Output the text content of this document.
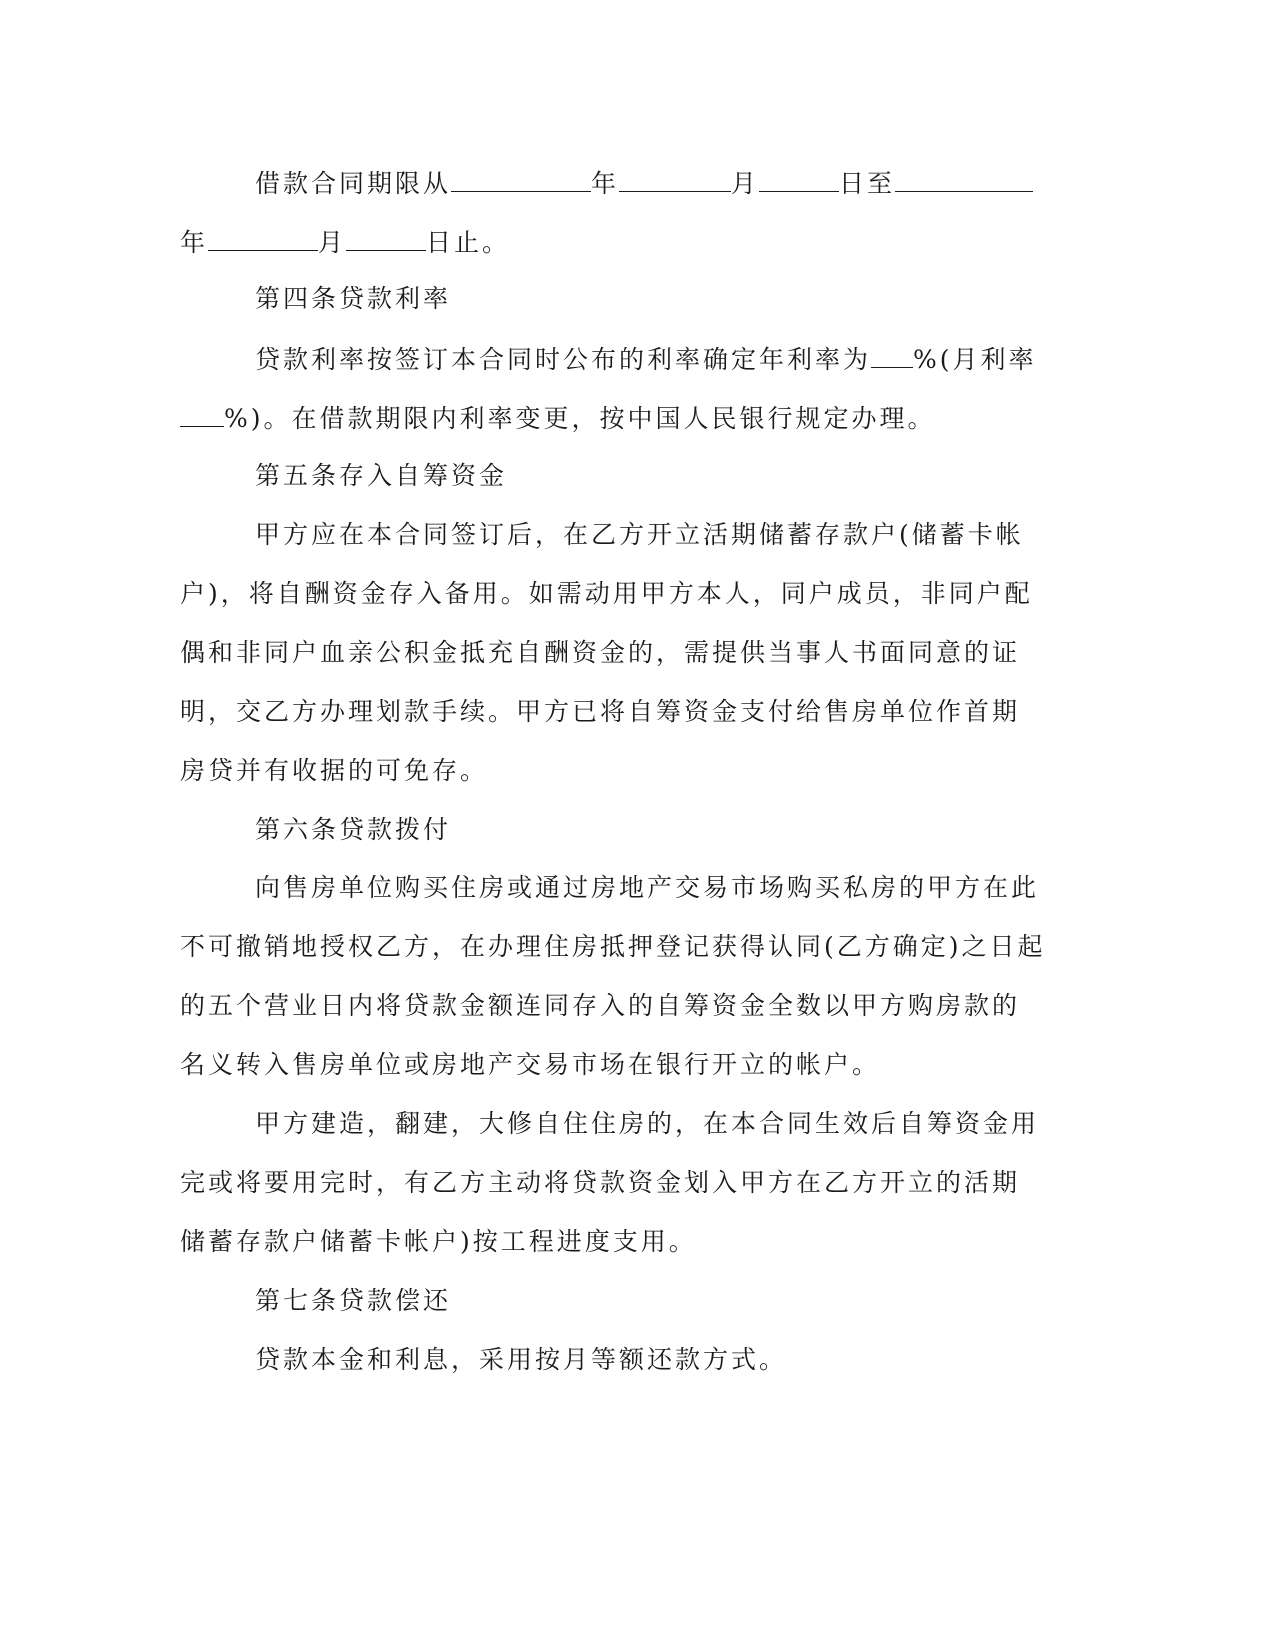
借款合同期限从	年	月	日至
年	月	日止。
第四条贷款利率
贷款利率按签订本合同时公布的利率确定年利率为 %(月利率
%)。在借款期限内利率变更，按中国人民银行规定办理。
第五条存入自筹资金
甲方应在本合同签订后，在乙方开立活期储蓄存款户(储蓄卡帐
户)，将自酬资金存入备用。如需动用甲方本人，同户成员，非同户配
偶和非同户血亲公积金抵充自酬资金的，需提供当事人书面同意的证
明，交乙方办理划款手续。甲方已将自筹资金支付给售房单位作首期
房贷并有收据的可免存。
第六条贷款拨付
向售房单位购买住房或通过房地产交易市场购买私房的甲方在此
不可撤销地授权乙方，在办理住房抵押登记获得认同(乙方确定)之日起
的五个营业日内将贷款金额连同存入的自筹资金全数以甲方购房款的
名义转入售房单位或房地产交易市场在银行开立的帐户。
甲方建造，翻建，大修自住住房的，在本合同生效后自筹资金用
完或将要用完时，有乙方主动将贷款资金划入甲方在乙方开立的活期
储蓄存款户储蓄卡帐户)按工程进度支用。
第七条贷款偿还
贷款本金和利息，采用按月等额还款方式。
